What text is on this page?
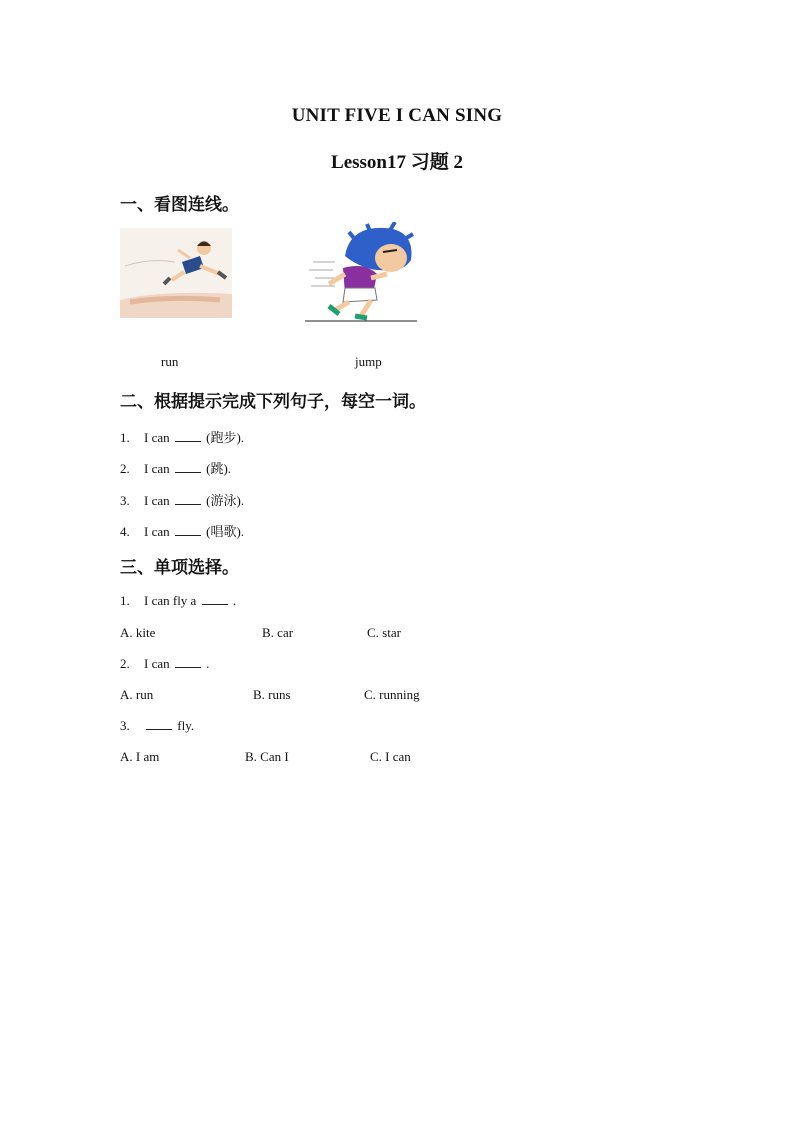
UNIT FIVE I CAN SING
Lesson17 习题 2
一、看图连线。
run	jump
二、根据提示完成下列句子，每空一词。
1. I can	(跑步).
2. I can	(跳).
3. I can	(游泳).
4. I can	(唱歌).
三、单项选择。
1. I can fly a	.
A. kite	B. car	C. star
2. I can	.
A. run	B. runs	C. running
3.	fly.
A. I am	B. Can I	C. I can
